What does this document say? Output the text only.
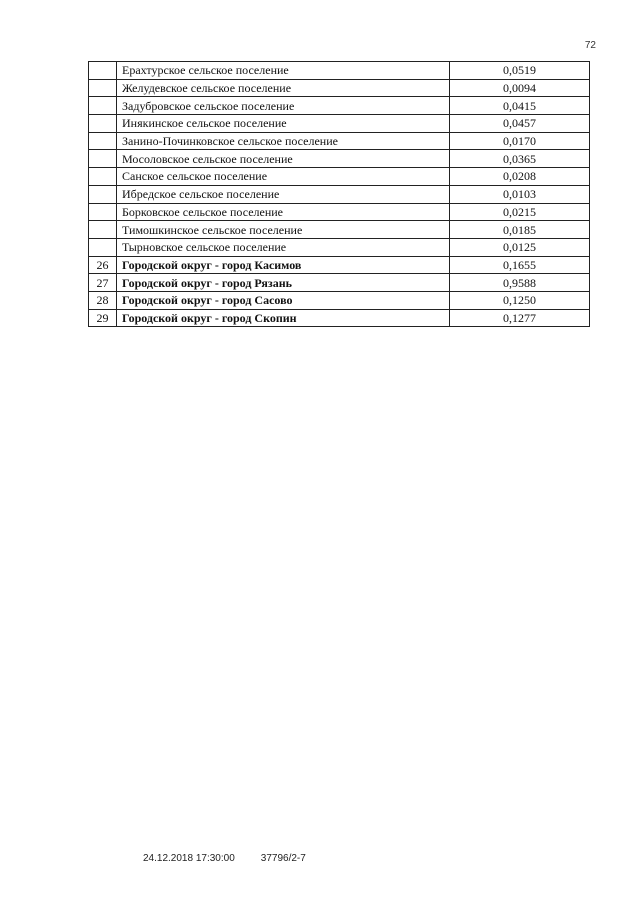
72
	Ерахтурское сельское поселение	0,0519
	Желудевское сельское поселение	0,0094
	Задубровское сельское поселение	0,0415
	Инякинское сельское поселение	0,0457
	Занино-Починковское сельское поселение	0,0170
	Мосоловское сельское поселение	0,0365
	Санское сельское поселение	0,0208
	Ибредское сельское поселение	0,0103
	Борковское сельское поселение	0,0215
	Тимошкинское сельское поселение	0,0185
	Тырновское сельское поселение	0,0125
26	Городской округ - город Касимов	0,1655
27	Городской округ - город Рязань	0,9588
28	Городской округ - город Сасово	0,1250
29	Городской округ - город Скопин	0,1277
24.12.2018 17:30:00	37796/2-7
